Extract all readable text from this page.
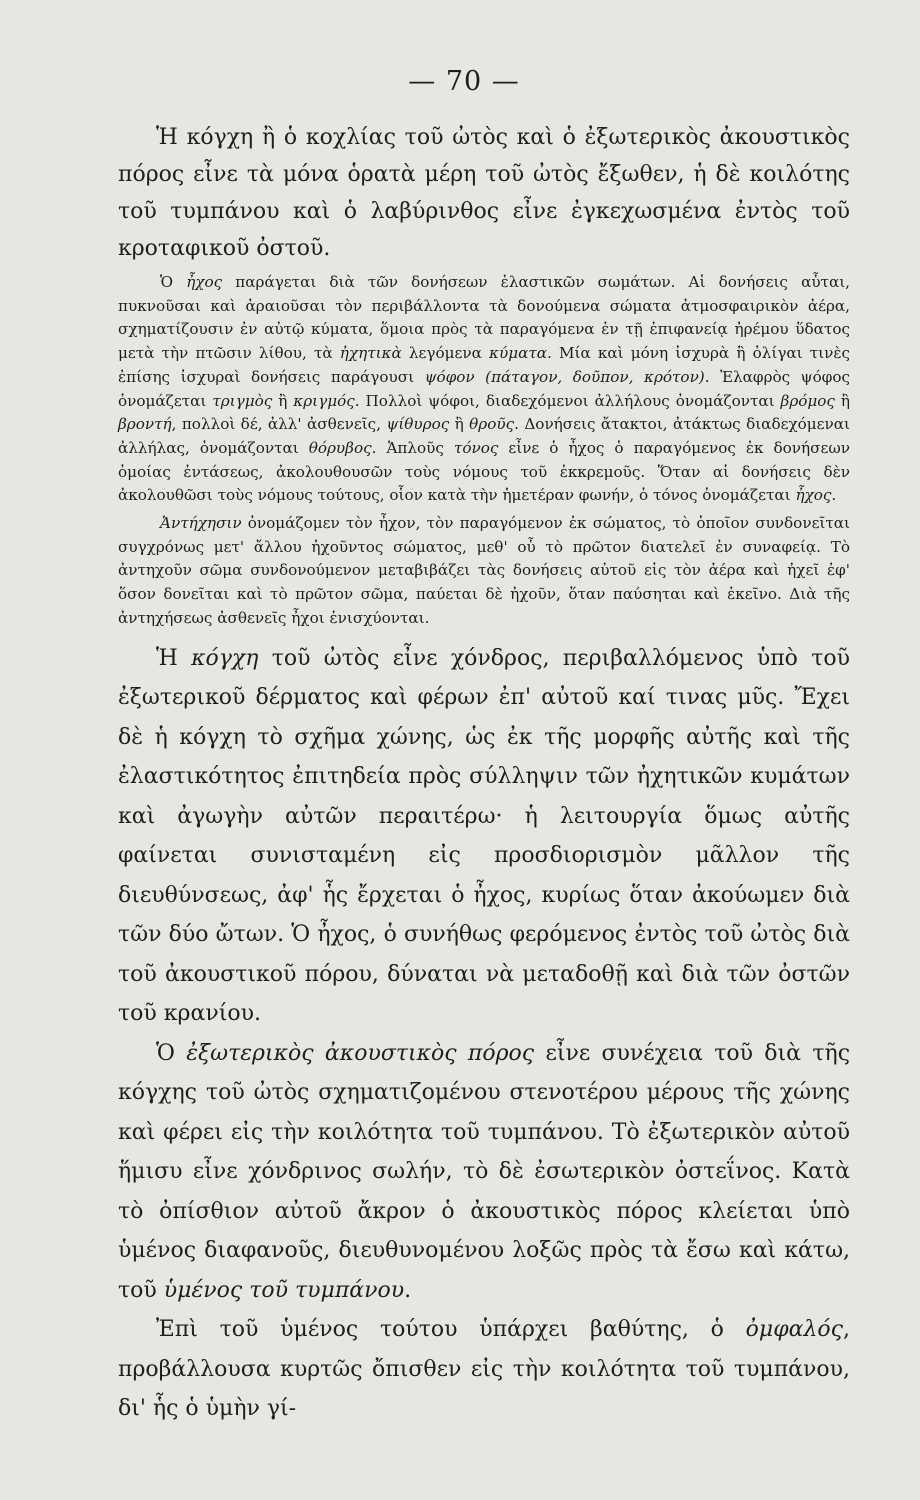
— 70 —

Ἡ κόγχη ἢ ὁ κοχλίας τοῦ ὠτὸς καὶ ὁ ἐξωτερικὸς ἀκουστικὸς πόρος εἶνε τὰ μόνα ὁρατὰ μέρη τοῦ ὠτὸς ἔξωθεν, ἡ δὲ κοιλότης τοῦ τυμπάνου καὶ ὁ λαβύρινθος εἶνε ἐγκεχωσμένα ἐντὸς τοῦ κροταφικοῦ ὀστοῦ.

Ὁ ἦχος παράγεται διὰ τῶν δονήσεων ἐλαστικῶν σωμάτων. Αἱ δονήσεις αὗται, πυκνοῦσαι καὶ ἀραιοῦσαι τὸν περιβάλλοντα τὰ δονούμενα σώματα ἀτμοσφαιρικὸν ἀέρα, σχηματίζουσιν ἐν αὐτῷ κύματα, ὅμοια πρὸς τὰ παραγόμενα ἐν τῇ ἐπιφανείᾳ ἠρέμου ὕδατος μετὰ τὴν πτῶσιν λίθου, τὰ ἠχητικὰ λεγόμενα κύματα. Μία καὶ μόνη ἰσχυρὰ ἢ ὀλίγαι τινὲς ἐπίσης ἰσχυραὶ δονήσεις παράγουσι ψόφον (πάταγον, δοῦπον, κρότον). Ἐλαφρὸς ψόφος ὀνομάζεται τριγμὸς ἢ κριγμός. Πολλοὶ ψόφοι, διαδεχόμενοι ἀλλήλους ὀνομάζονται βρόμος ἢ βροντή, πολλοὶ δέ, ἀλλ' ἀσθενεῖς, ψίθυρος ἢ θροῦς. Δονήσεις ἄτακτοι, ἀτάκτως διαδεχόμεναι ἀλλήλας, ὀνομάζονται θόρυβος. Ἁπλοῦς τόνος εἶνε ὁ ἦχος ὁ παραγόμενος ἐκ δονήσεων ὁμοίας ἐντάσεως, ἀκολουθουσῶν τοὺς νόμους τοῦ ἐκκρεμοῦς. Ὅταν αἱ δονήσεις δὲν ἀκολουθῶσι τοὺς νόμους τούτους, οἷον κατὰ τὴν ἡμετέραν φωνήν, ὁ τόνος ὀνομάζεται ἦχος.

Ἀντήχησιν ὀνομάζομεν τὸν ἦχον, τὸν παραγόμενον ἐκ σώματος, τὸ ὁποῖον συνδονεῖται συγχρόνως μετ' ἄλλου ἠχοῦντος σώματος, μεθ' οὗ τὸ πρῶτον διατελεῖ ἐν συναφείᾳ. Τὸ ἀντηχοῦν σῶμα συνδονούμενον μεταβιβάζει τὰς δονήσεις αὐτοῦ εἰς τὸν ἀέρα καὶ ἠχεῖ ἐφ' ὅσον δονεῖται καὶ τὸ πρῶτον σῶμα, παύεται δὲ ἠχοῦν, ὅταν παύσηται καὶ ἐκεῖνο. Διὰ τῆς ἀντηχήσεως ἀσθενεῖς ἦχοι ἐνισχύονται.

Ἡ κόγχη τοῦ ὠτὸς εἶνε χόνδρος, περιβαλλόμενος ὑπὸ τοῦ ἐξωτερικοῦ δέρματος καὶ φέρων ἐπ' αὐτοῦ καί τινας μῦς. Ἔχει δὲ ἡ κόγχη τὸ σχῆμα χώνης, ὡς ἐκ τῆς μορφῆς αὐτῆς καὶ τῆς ἐλαστικότητος ἐπιτηδεία πρὸς σύλληψιν τῶν ἠχητικῶν κυμάτων καὶ ἀγωγὴν αὐτῶν περαιτέρω· ἡ λειτουργία ὅμως αὐτῆς φαίνεται συνισταμένη εἰς προσδιορισμὸν μᾶλλον τῆς διευθύνσεως, ἀφ' ἧς ἔρχεται ὁ ἦχος, κυρίως ὅταν ἀκούωμεν διὰ τῶν δύο ὤτων. Ὁ ἦχος, ὁ συνήθως φερόμενος ἐντὸς τοῦ ὠτὸς διὰ τοῦ ἀκουστικοῦ πόρου, δύναται νὰ μεταδοθῇ καὶ διὰ τῶν ὀστῶν τοῦ κρανίου.

Ὁ ἐξωτερικὸς ἀκουστικὸς πόρος εἶνε συνέχεια τοῦ διὰ τῆς κόγχης τοῦ ὠτὸς σχηματιζομένου στενοτέρου μέρους τῆς χώνης καὶ φέρει εἰς τὴν κοιλότητα τοῦ τυμπάνου. Τὸ ἐξωτερικὸν αὐτοῦ ἥμισυ εἶνε χόνδρινος σωλήν, τὸ δὲ ἐσωτερικὸν ὀστεΐνος. Κατὰ τὸ ὀπίσθιον αὐτοῦ ἄκρον ὁ ἀκουστικὸς πόρος κλείεται ὑπὸ ὑμένος διαφανοῦς, διευθυνομένου λοξῶς πρὸς τὰ ἔσω καὶ κάτω, τοῦ ὑμένος τοῦ τυμπάνου.

Ἐπὶ τοῦ ὑμένος τούτου ὑπάρχει βαθύτης, ὁ ὀμφαλός, προβάλλουσα κυρτῶς ὄπισθεν εἰς τὴν κοιλότητα τοῦ τυμπάνου, δι' ἧς ὁ ὑμὴν γί-
